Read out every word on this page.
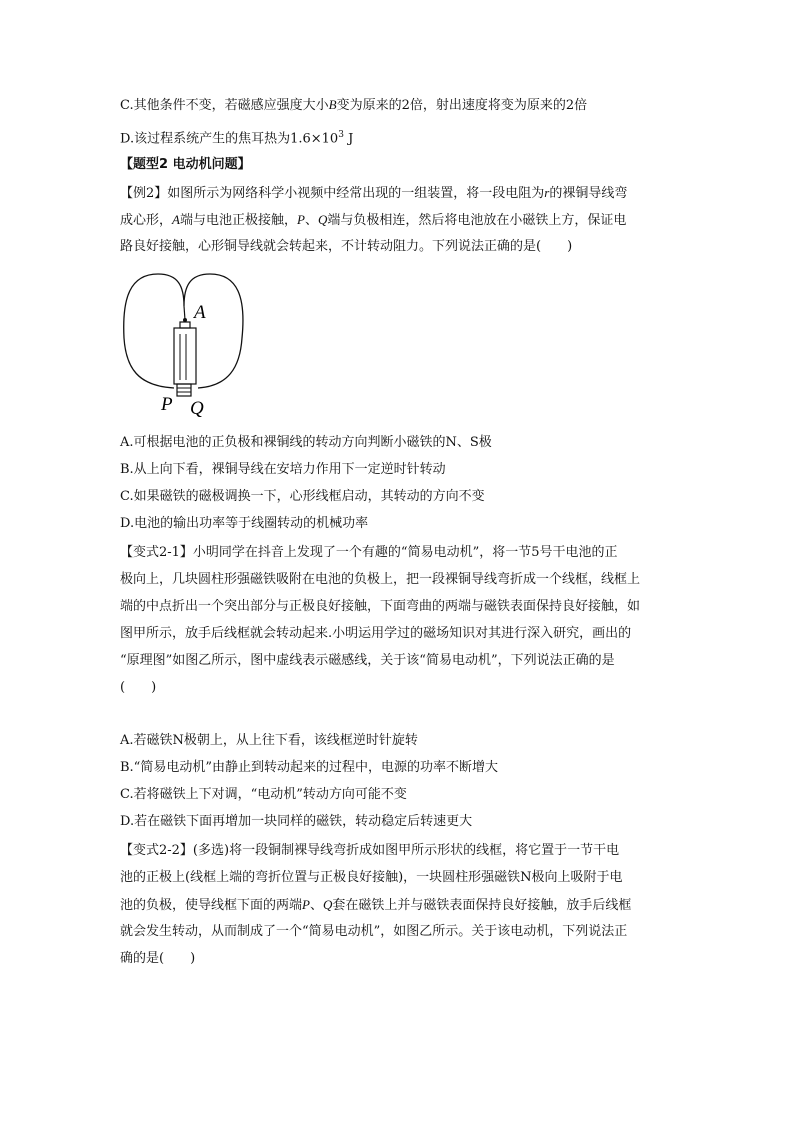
C.其他条件不变，若磁感应强度大小B变为原来的2倍，射出速度将变为原来的2倍
D.该过程系统产生的焦耳热为$1.6\times 10^3$ J
【题型2 电动机问题】
【例2】如图所示为网络科学小视频中经常出现的一组装置，将一段电阻为r的裸铜导线弯
成心形，A端与电池正极接触，P、Q端与负极相连，然后将电池放在小磁铁上方，保证电
路良好接触，心形铜导线就会转起来，不计转动阻力。下列说法正确的是(　　)
A
P Q
A.可根据电池的正负极和裸铜线的转动方向判断小磁铁的N、S极
B.从上向下看，裸铜导线在安培力作用下一定逆时针转动
C.如果磁铁的磁极调换一下，心形线框启动，其转动的方向不变
D.电池的输出功率等于线圈转动的机械功率
【变式2-1】小明同学在抖音上发现了一个有趣的“简易电动机”，将一节5号干电池的正
极向上，几块圆柱形强磁铁吸附在电池的负极上，把一段裸铜导线弯折成一个线框，线框上
端的中点折出一个突出部分与正极良好接触，下面弯曲的两端与磁铁表面保持良好接触，如
图甲所示，放手后线框就会转动起来.小明运用学过的磁场知识对其进行深入研究，画出的
“原理图”如图乙所示，图中虚线表示磁感线，关于该“简易电动机”，下列说法正确的是
(　　)
A.若磁铁N极朝上，从上往下看，该线框逆时针旋转
B.“简易电动机”由静止到转动起来的过程中，电源的功率不断增大
C.若将磁铁上下对调，“电动机”转动方向可能不变
D.若在磁铁下面再增加一块同样的磁铁，转动稳定后转速更大
【变式2-2】(多选)将一段铜制裸导线弯折成如图甲所示形状的线框，将它置于一节干电
池的正极上(线框上端的弯折位置与正极良好接触)，一块圆柱形强磁铁N极向上吸附于电
池的负极，使导线框下面的两端P、Q套在磁铁上并与磁铁表面保持良好接触，放手后线框
就会发生转动，从而制成了一个“简易电动机”，如图乙所示。关于该电动机，下列说法正
确的是(　　)
